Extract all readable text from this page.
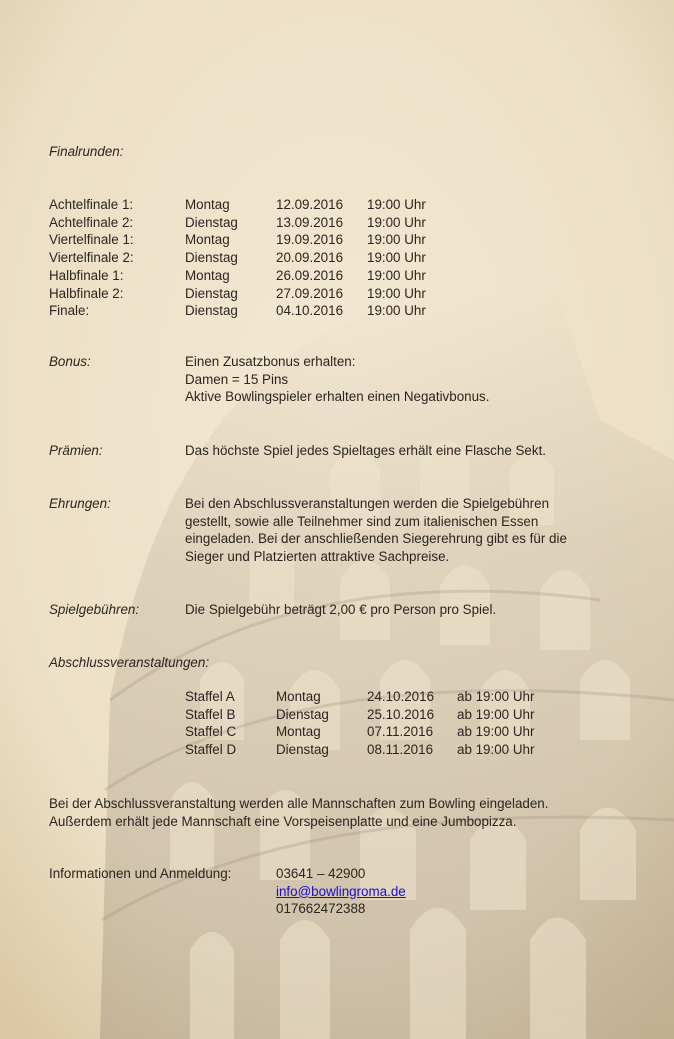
Finalrunden:
Achtelfinale 1:	Montag	12.09.2016 19:00 Uhr
Achtelfinale 2:	Dienstag	13.09.2016 19:00 Uhr
Viertelfinale 1:	Montag	19.09.2016 19:00 Uhr
Viertelfinale 2:	Dienstag	20.09.2016 19:00 Uhr
Halbfinale 1:	Montag	26.09.2016 19:00 Uhr
Halbfinale 2:	Dienstag	27.09.2016 19:00 Uhr
Finale:	Dienstag	04.10.2016 19:00 Uhr
Bonus:	Einen Zusatzbonus erhalten:
Damen = 15 Pins
Aktive Bowlingspieler erhalten einen Negativbonus.
Prämien:	Das höchste Spiel jedes Spieltages erhält eine Flasche Sekt.
Ehrungen:	Bei den Abschlussveranstaltungen werden die Spielgebühren
gestellt, sowie alle Teilnehmer sind zum italienischen Essen
eingeladen. Bei der anschließenden Siegerehrung gibt es für die
Sieger und Platzierten attraktive Sachpreise.
Spielgebühren:	Die Spielgebühr beträgt 2,00 € pro Person pro Spiel.
Abschlussveranstaltungen:
Staffel A	Montag	24.10.2016 ab 19:00 Uhr
Staffel B	Dienstag	25.10.2016 ab 19:00 Uhr
Staffel C	Montag	07.11.2016 ab 19:00 Uhr
Staffel D	Dienstag	08.11.2016 ab 19:00 Uhr
Bei der Abschlussveranstaltung werden alle Mannschaften zum Bowling eingeladen.
Außerdem erhält jede Mannschaft eine Vorspeisenplatte und eine Jumbopizza.
Informationen und Anmeldung:	03641 – 42900
info@bowlingroma.de
017662472388
